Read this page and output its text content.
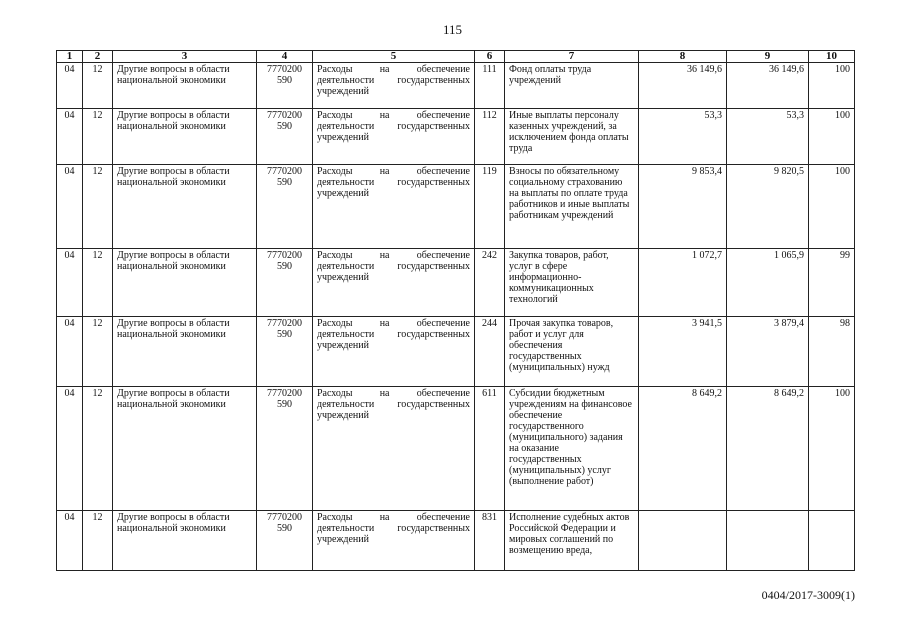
115
1	2	3	4	5	6	7	8	9	10
04	12	Другие вопросы в области национальной экономики	7770200 590	Расходы на обеспечение деятельности государственных учреждений	111	Фонд оплаты труда учреждений	36 149,6	36 149,6	100
04	12	Другие вопросы в области национальной экономики	7770200 590	Расходы на обеспечение деятельности государственных учреждений	112	Иные выплаты персоналу казенных учреждений, за исключением фонда оплаты труда	53,3	53,3	100
04	12	Другие вопросы в области национальной экономики	7770200 590	Расходы на обеспечение деятельности государственных учреждений	119	Взносы по обязательному социальному страхованию на выплаты по оплате труда работников и иные выплаты работникам учреждений	9 853,4	9 820,5	100
04	12	Другие вопросы в области национальной экономики	7770200 590	Расходы на обеспечение деятельности государственных учреждений	242	Закупка товаров, работ, услуг в сфере информационно-коммуникационных технологий	1 072,7	1 065,9	99
04	12	Другие вопросы в области национальной экономики	7770200 590	Расходы на обеспечение деятельности государственных учреждений	244	Прочая закупка товаров, работ и услуг для обеспечения государственных (муниципальных) нужд	3 941,5	3 879,4	98
04	12	Другие вопросы в области национальной экономики	7770200 590	Расходы на обеспечение деятельности государственных учреждений	611	Субсидии бюджетным учреждениям на финансовое обеспечение государственного (муниципального) задания на оказание государственных (муниципальных) услуг (выполнение работ)	8 649,2	8 649,2	100
04	12	Другие вопросы в области национальной экономики	7770200 590	Расходы на обеспечение деятельности государственных учреждений	831	Исполнение судебных актов Российской Федерации и мировых соглашений по возмещению вреда,			
0404/2017-3009(1)
